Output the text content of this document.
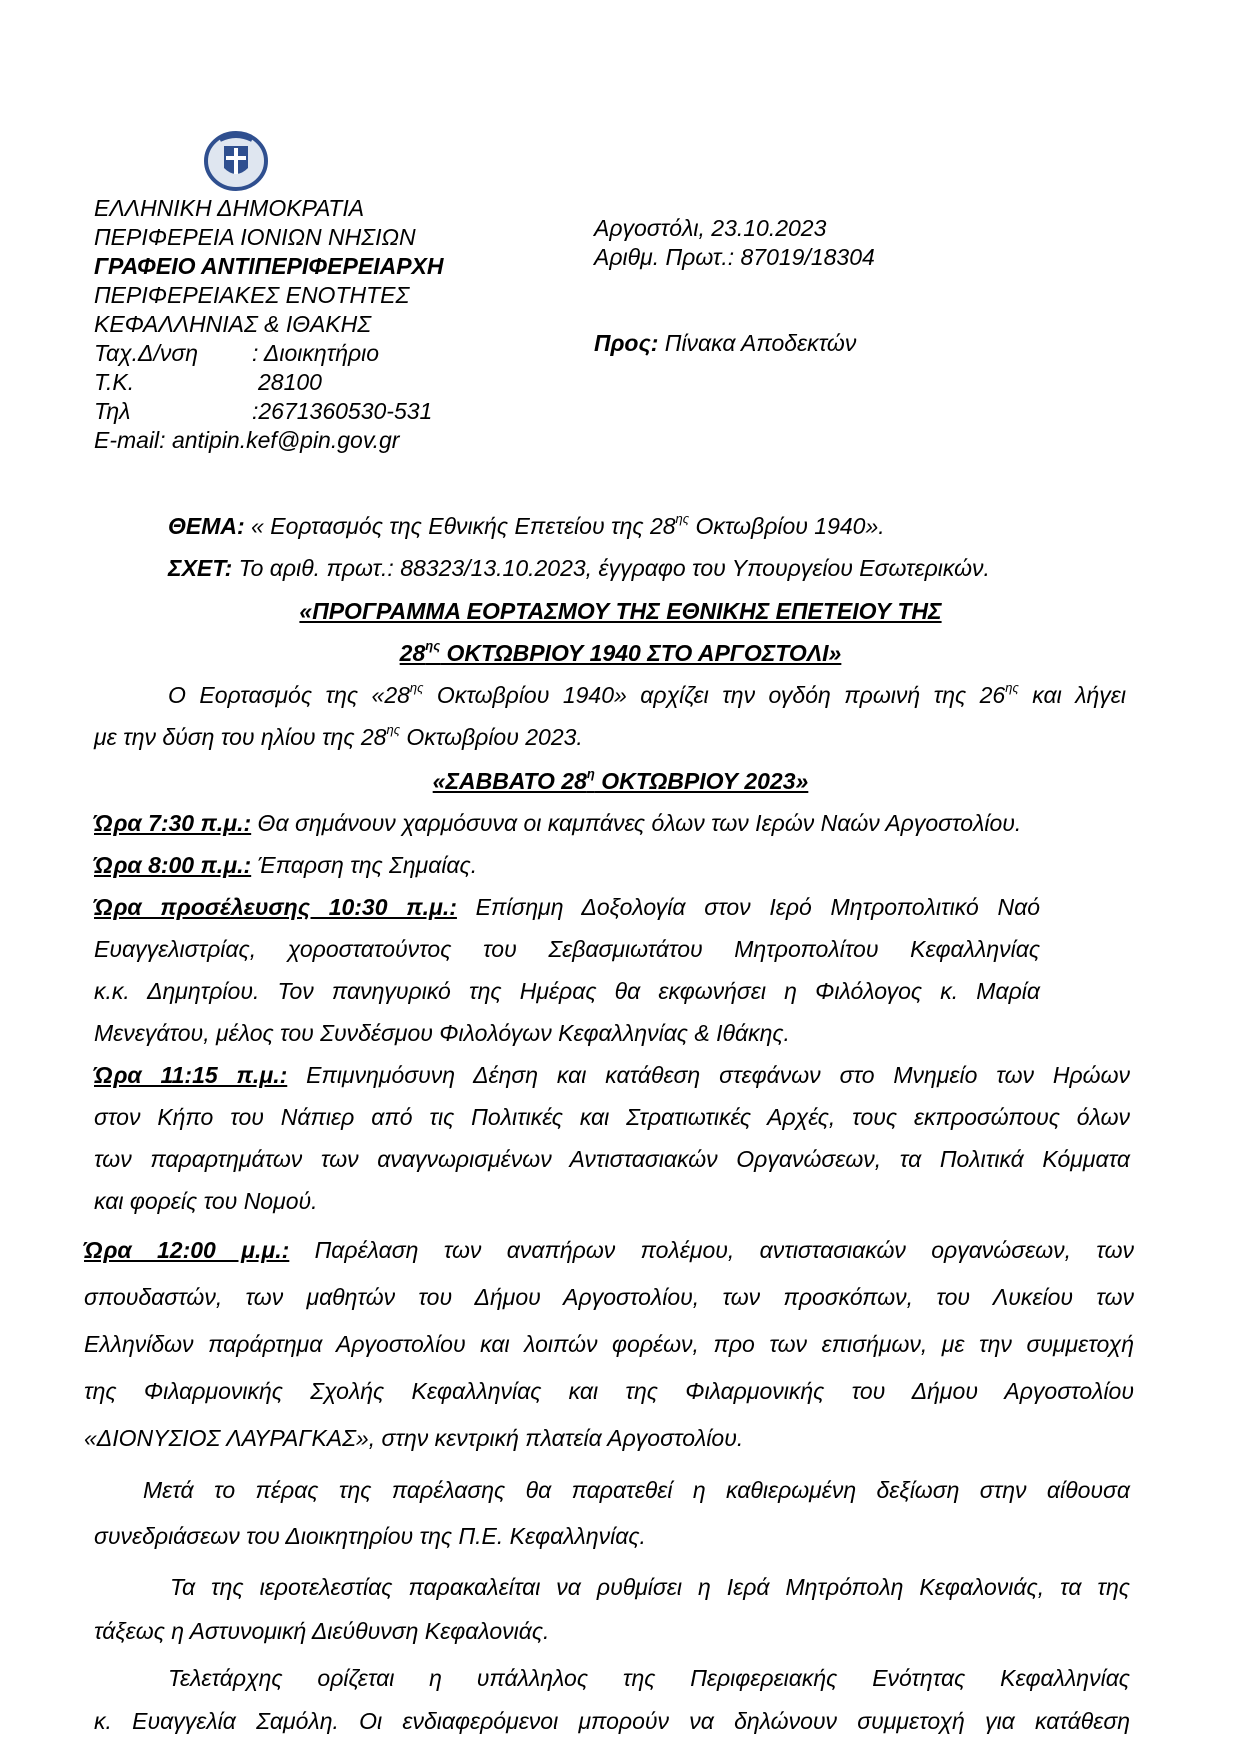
ΕΛΛΗΝΙΚΗ ΔΗΜΟΚΡΑΤΙΑ
ΠΕΡΙΦΕΡΕΙΑ ΙΟΝΙΩΝ ΝΗΣΙΩΝ
ΓΡΑΦΕΙΟ ΑΝΤΙΠΕΡΙΦΕΡΕΙΑΡΧΗ
ΠΕΡΙΦΕΡΕΙΑΚΕΣ ΕΝΟΤΗΤΕΣ
ΚΕΦΑΛΛΗΝΙΑΣ & ΙΘΑΚΗΣ
Ταχ.Δ/νση : Διοικητήριο
Τ.Κ.	28100
Τηλ	:2671360530-531
E-mail: antipin.kef@pin.gov.gr
Αργοστόλι, 23.10.2023
Αριθμ. Πρωτ.: 87019/18304
Προς: Πίνακα Αποδεκτών
ΘΕΜΑ: « Εορτασμός της Εθνικής Επετείου της $28^{\eta\varsigma}$ Οκτωβρίου 1940».
ΣΧΕΤ: Το αριθ. πρωτ.: 88323/13.10.2023, έγγραφο του Υπουργείου Εσωτερικών.
«ΠΡΟΓΡΑΜΜΑ ΕΟΡΤΑΣΜΟΥ ΤΗΣ ΕΘΝΙΚΗΣ ΕΠΕΤΕΙΟΥ ΤΗΣ
$28^{\eta\varsigma}$ ΟΚΤΩΒΡΙΟΥ 1940 ΣΤΟ ΑΡΓΟΣΤΟΛΙ»
Ο Εορτασμός της «$28^{\eta\varsigma}$ Οκτωβρίου 1940» αρχίζει την ογδόη πρωινή της $26^{\eta\varsigma}$ και λήγει
με την δύση του ηλίου της $28^{\eta\varsigma}$ Οκτωβρίου 2023.
«ΣΑΒΒΑΤΟ $28^\eta$ ΟΚΤΩΒΡΙΟΥ 2023»
Ώρα 7:30 π.μ.: Θα σημάνουν χαρμόσυνα οι καμπάνες όλων των Ιερών Ναών Αργοστολίου.
Ώρα 8:00 π.μ.: Έπαρση της Σημαίας.
Ώρα προσέλευσης 10:30 π.μ.: Επίσημη Δοξολογία στον Ιερό Μητροπολιτικό Ναό
Ευαγγελιστρίας, χοροστατούντος του Σεβασμιωτάτου Μητροπολίτου Κεφαλληνίας
κ.κ. Δημητρίου. Τον πανηγυρικό της Ημέρας θα εκφωνήσει η Φιλόλογος κ. Μαρία
Μενεγάτου, μέλος του Συνδέσμου Φιλολόγων Κεφαλληνίας & Ιθάκης.
Ώρα 11:15 π.μ.: Επιμνημόσυνη Δέηση και κατάθεση στεφάνων στο Μνημείο των Ηρώων
στον Κήπο του Νάπιερ από τις Πολιτικές και Στρατιωτικές Αρχές, τους εκπροσώπους όλων
των παραρτημάτων των αναγνωρισμένων Αντιστασιακών Οργανώσεων, τα Πολιτικά Κόμματα
και φορείς του Νομού.
Ώρα 12:00 μ.μ.: Παρέλαση των αναπήρων πολέμου, αντιστασιακών οργανώσεων, των
σπουδαστών, των μαθητών του Δήμου Αργοστολίου, των προσκόπων, του Λυκείου των
Ελληνίδων παράρτημα Αργοστολίου και λοιπών φορέων, προ των επισήμων, με την συμμετοχή
της Φιλαρμονικής Σχολής Κεφαλληνίας και της Φιλαρμονικής του Δήμου Αργοστολίου
«ΔΙΟΝΥΣΙΟΣ ΛΑΥΡΑΓΚΑΣ», στην κεντρική πλατεία Αργοστολίου.
Μετά το πέρας της παρέλασης θα παρατεθεί η καθιερωμένη δεξίωση στην αίθουσα
συνεδριάσεων του Διοικητηρίου της Π.Ε. Κεφαλληνίας.
Τα της ιεροτελεστίας παρακαλείται να ρυθμίσει η Ιερά Μητρόπολη Κεφαλονιάς, τα της
τάξεως η Αστυνομική Διεύθυνση Κεφαλονιάς.
Τελετάρχης ορίζεται η υπάλληλος της Περιφερειακής Ενότητας Κεφαλληνίας
κ. Ευαγγελία Σαμόλη. Οι ενδιαφερόμενοι μπορούν να δηλώνουν συμμετοχή για κατάθεση
